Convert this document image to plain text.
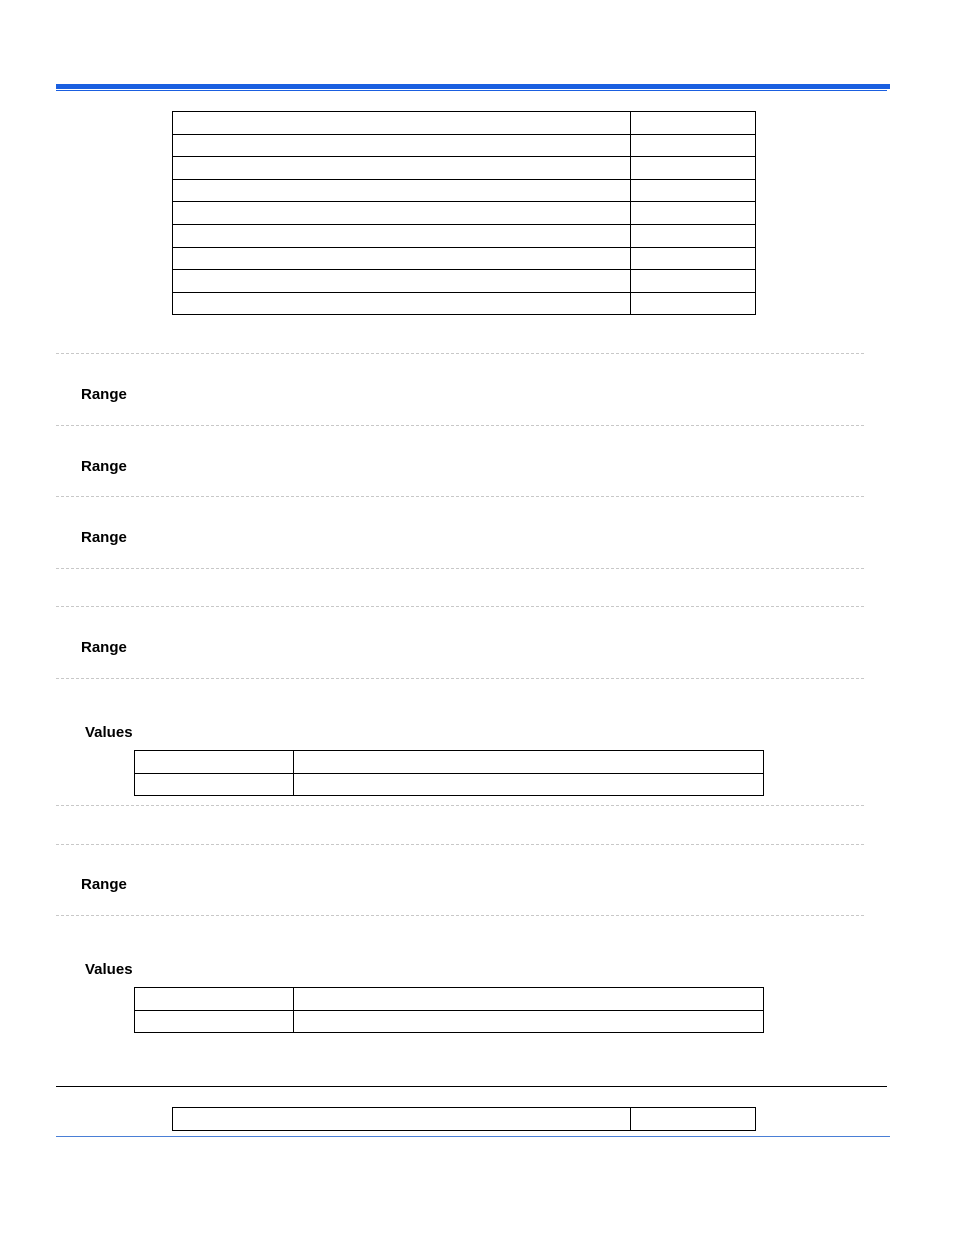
Range
Range
Range
Range
Values

Range
Values
